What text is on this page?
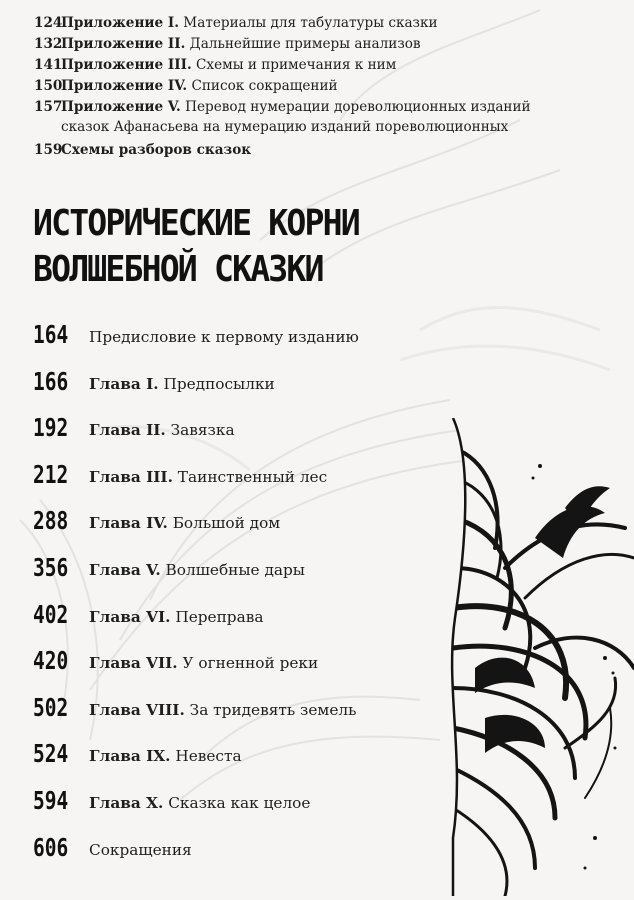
124
Приложение I. Материалы для табулатуры сказки
132
Приложение II. Дальнейшие примеры анализов
141
Приложение III. Схемы и примечания к ним
150
Приложение IV. Список сокращений
157
Приложение V. Перевод нумерации дореволюционных изданий
сказок Афанасьева на нумерацию изданий пореволюционных
159
Схемы разборов сказок
ИСТОРИЧЕСКИЕ КОРНИ
ВОЛШЕБНОЙ СКАЗКИ
164 Предисловие к первому изданию
166 Глава I. Предпосылки
192 Глава II. Завязка
212 Глава III. Таинственный лес
288 Глава IV. Большой дом
356 Глава V. Волшебные дары
402 Глава VI. Переправа
420 Глава VII. У огненной реки
502 Глава VIII. За тридевять земель
524 Глава IX. Невеста
594 Глава X. Сказка как целое
606 Сокращения
